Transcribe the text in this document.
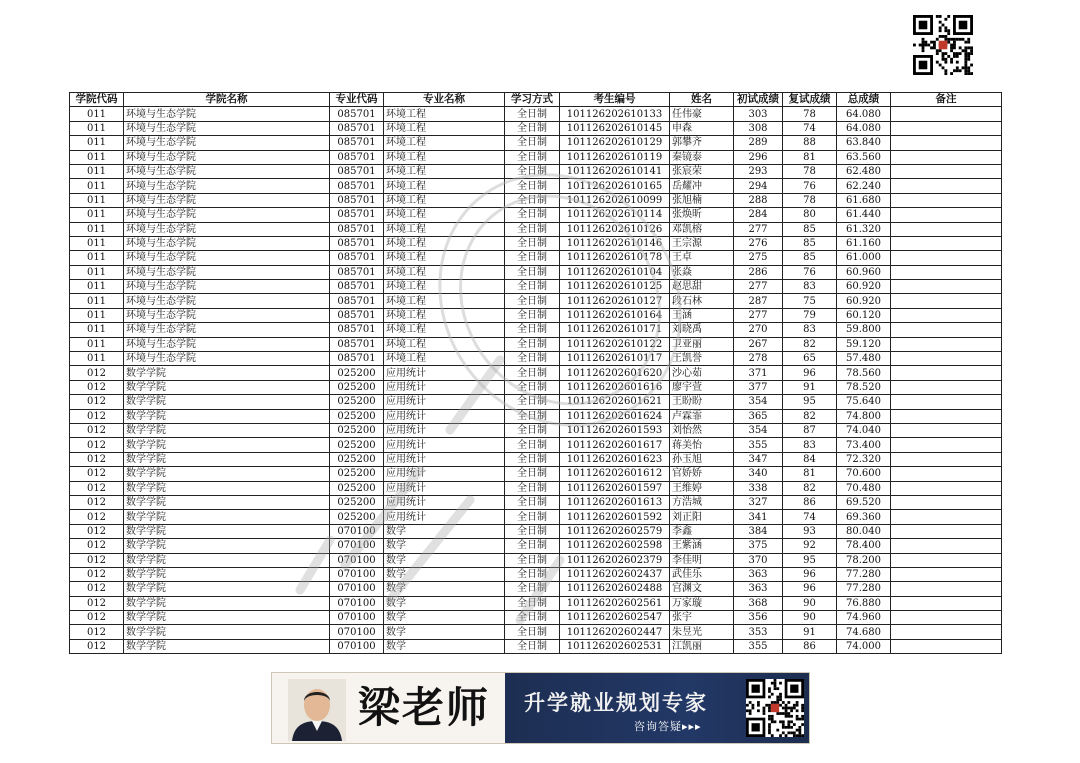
学院代码	学院名称	专业代码	专业名称	学习方式	考生编号	姓名	初试成绩	复试成绩	总成绩	备注
011	环境与生态学院	085701	环境工程	全日制	101126202610133	任伟豪	303	78	64.080	
011	环境与生态学院	085701	环境工程	全日制	101126202610145	申森	308	74	64.080	
011	环境与生态学院	085701	环境工程	全日制	101126202610129	郭攀齐	289	88	63.840	
011	环境与生态学院	085701	环境工程	全日制	101126202610119	秦镜泰	296	81	63.560	
011	环境与生态学院	085701	环境工程	全日制	101126202610141	张宸荣	293	78	62.480	
011	环境与生态学院	085701	环境工程	全日制	101126202610165	岳耀冲	294	76	62.240	
011	环境与生态学院	085701	环境工程	全日制	101126202610099	张旭楠	288	78	61.680	
011	环境与生态学院	085701	环境工程	全日制	101126202610114	张焕昕	284	80	61.440	
011	环境与生态学院	085701	环境工程	全日制	101126202610126	邓凯榕	277	85	61.320	
011	环境与生态学院	085701	环境工程	全日制	101126202610146	王宗源	276	85	61.160	
011	环境与生态学院	085701	环境工程	全日制	101126202610178	王卓	275	85	61.000	
011	环境与生态学院	085701	环境工程	全日制	101126202610104	张焱	286	76	60.960	
011	环境与生态学院	085701	环境工程	全日制	101126202610125	赵思甜	277	83	60.920	
011	环境与生态学院	085701	环境工程	全日制	101126202610127	段石林	287	75	60.920	
011	环境与生态学院	085701	环境工程	全日制	101126202610164	王涵	277	79	60.120	
011	环境与生态学院	085701	环境工程	全日制	101126202610171	刘晓禹	270	83	59.800	
011	环境与生态学院	085701	环境工程	全日制	101126202610122	卫亚丽	267	82	59.120	
011	环境与生态学院	085701	环境工程	全日制	101126202610117	王凯誉	278	65	57.480	
012	数学学院	025200	应用统计	全日制	101126202601620	沙心茹	371	96	78.560	
012	数学学院	025200	应用统计	全日制	101126202601616	廖宇萱	377	91	78.520	
012	数学学院	025200	应用统计	全日制	101126202601621	王盼盼	354	95	75.640	
012	数学学院	025200	应用统计	全日制	101126202601624	卢霖霏	365	82	74.800	
012	数学学院	025200	应用统计	全日制	101126202601593	刘怡然	354	87	74.040	
012	数学学院	025200	应用统计	全日制	101126202601617	蒋美怡	355	83	73.400	
012	数学学院	025200	应用统计	全日制	101126202601623	孙玉旭	347	84	72.320	
012	数学学院	025200	应用统计	全日制	101126202601612	官娇娇	340	81	70.600	
012	数学学院	025200	应用统计	全日制	101126202601597	王维婷	338	82	70.480	
012	数学学院	025200	应用统计	全日制	101126202601613	方浩城	327	86	69.520	
012	数学学院	025200	应用统计	全日制	101126202601592	刘正阳	341	74	69.360	
012	数学学院	070100	数学	全日制	101126202602579	李鑫	384	93	80.040	
012	数学学院	070100	数学	全日制	101126202602598	王紫涵	375	92	78.400	
012	数学学院	070100	数学	全日制	101126202602379	李佳明	370	95	78.200	
012	数学学院	070100	数学	全日制	101126202602437	武佳乐	363	96	77.280	
012	数学学院	070100	数学	全日制	101126202602488	宫渊文	363	96	77.280	
012	数学学院	070100	数学	全日制	101126202602561	万家璇	368	90	76.880	
012	数学学院	070100	数学	全日制	101126202602547	张宇	356	90	74.960	
012	数学学院	070100	数学	全日制	101126202602447	朱昱光	353	91	74.680	
012	数学学院	070100	数学	全日制	101126202602531	江凯丽	355	86	74.000	
梁老师 升学就业规划专家
咨询答疑▸▸▸
